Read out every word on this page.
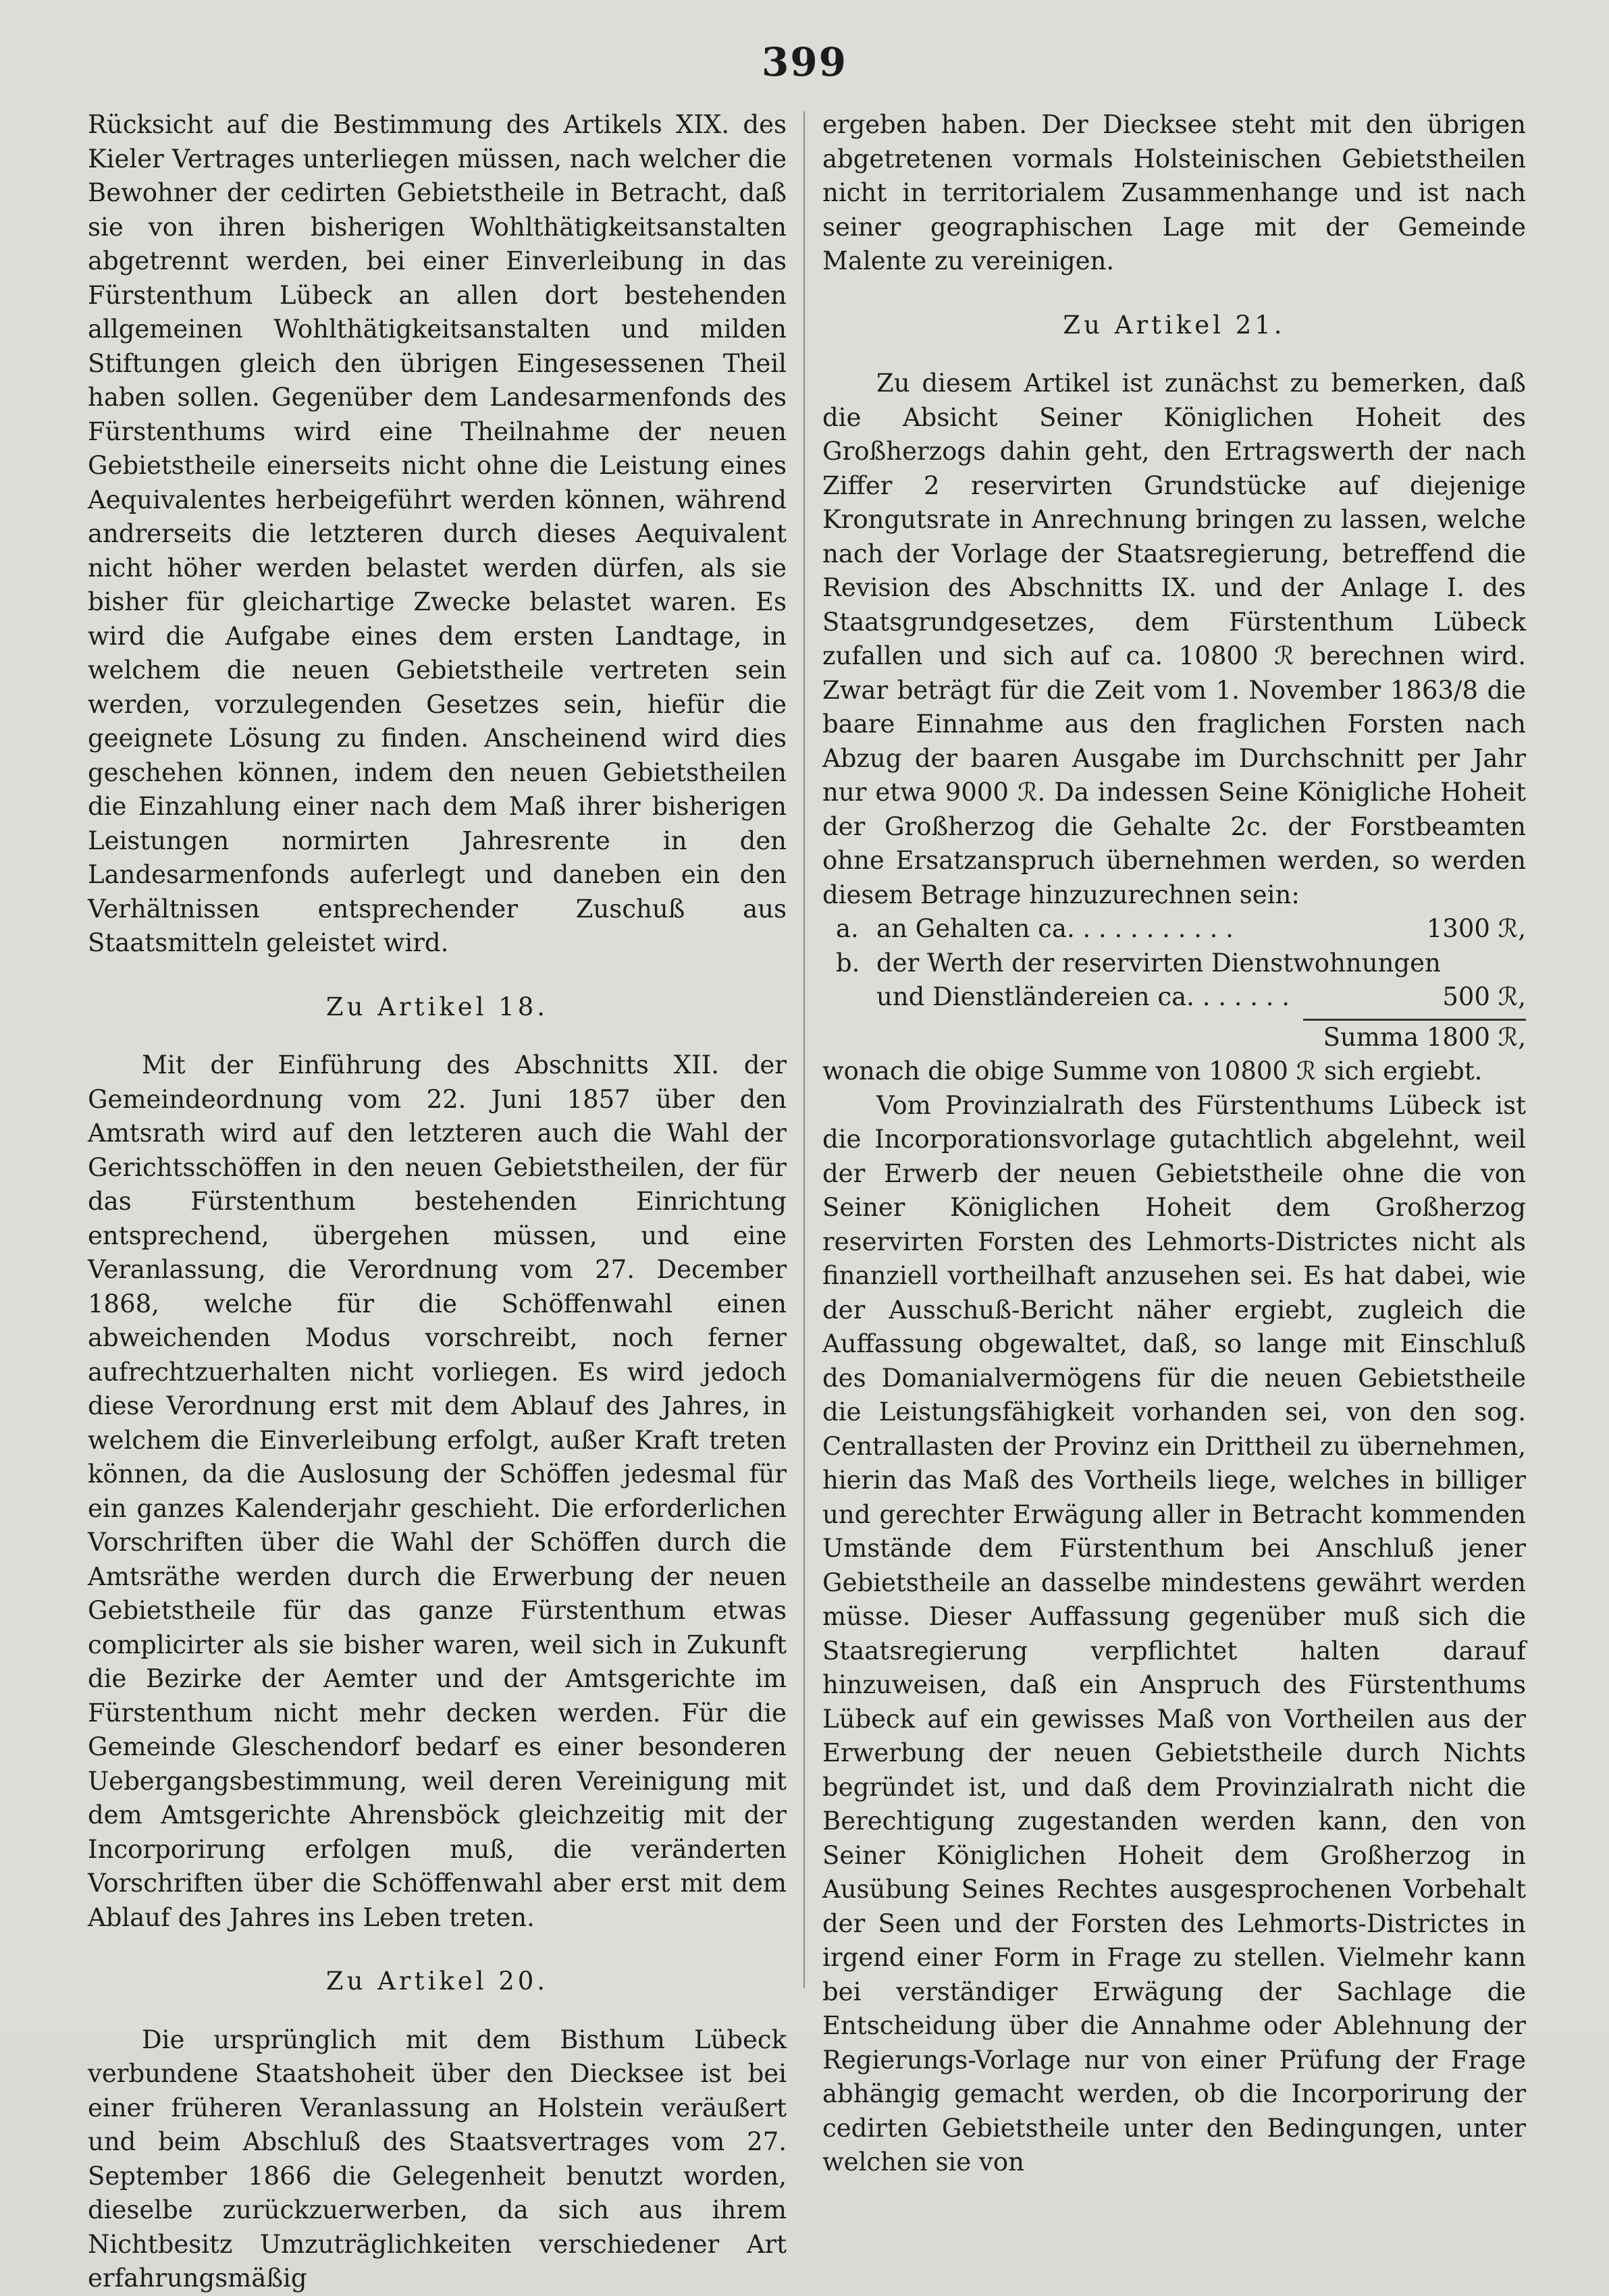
399

Rücksicht auf die Bestimmung des Artikels XIX. des Kieler Vertrages unterliegen müssen, nach welcher die Bewohner der cedirten Gebietstheile in Betracht, daß sie von ihren bisherigen Wohlthätigkeitsanstalten abgetrennt werden, bei einer Einverleibung in das Fürstenthum Lübeck an allen dort bestehenden allgemeinen Wohlthätigkeitsanstalten und milden Stiftungen gleich den übrigen Eingesessenen Theil haben sollen. Gegenüber dem Landesarmenfonds des Fürstenthums wird eine Theilnahme der neuen Gebietstheile einerseits nicht ohne die Leistung eines Aequivalentes herbeigeführt werden können, während andrerseits die letzteren durch dieses Aequivalent nicht höher werden belastet werden dürfen, als sie bisher für gleichartige Zwecke belastet waren. Es wird die Aufgabe eines dem ersten Landtage, in welchem die neuen Gebietstheile vertreten sein werden, vorzulegenden Gesetzes sein, hiefür die geeignete Lösung zu finden. Anscheinend wird dies geschehen können, indem den neuen Gebietstheilen die Einzahlung einer nach dem Maß ihrer bisherigen Leistungen normirten Jahresrente in den Landesarmenfonds auferlegt und daneben ein den Verhältnissen entsprechender Zuschuß aus Staatsmitteln geleistet wird.

Zu Artikel 18.

Mit der Einführung des Abschnitts XII. der Gemeindeordnung vom 22. Juni 1857 über den Amtsrath wird auf den letzteren auch die Wahl der Gerichtsschöffen in den neuen Gebietstheilen, der für das Fürstenthum bestehenden Einrichtung entsprechend, übergehen müssen, und eine Veranlassung, die Verordnung vom 27. December 1868, welche für die Schöffenwahl einen abweichenden Modus vorschreibt, noch ferner aufrechtzuerhalten nicht vorliegen. Es wird jedoch diese Verordnung erst mit dem Ablauf des Jahres, in welchem die Einverleibung erfolgt, außer Kraft treten können, da die Auslosung der Schöffen jedesmal für ein ganzes Kalenderjahr geschieht. Die erforderlichen Vorschriften über die Wahl der Schöffen durch die Amtsräthe werden durch die Erwerbung der neuen Gebietstheile für das ganze Fürstenthum etwas complicirter als sie bisher waren, weil sich in Zukunft die Bezirke der Aemter und der Amtsgerichte im Fürstenthum nicht mehr decken werden. Für die Gemeinde Gleschendorf bedarf es einer besonderen Uebergangsbestimmung, weil deren Vereinigung mit dem Amtsgerichte Ahrensböck gleichzeitig mit der Incorporirung erfolgen muß, die veränderten Vorschriften über die Schöffenwahl aber erst mit dem Ablauf des Jahres ins Leben treten.

Zu Artikel 20.

Die ursprünglich mit dem Bisthum Lübeck verbundene Staatshoheit über den Diecksee ist bei einer früheren Veranlassung an Holstein veräußert und beim Abschluß des Staatsvertrages vom 27. September 1866 die Gelegenheit benutzt worden, dieselbe zurückzuerwerben, da sich aus ihrem Nichtbesitz Umzuträglichkeiten verschiedener Art erfahrungsmäßig

ergeben haben. Der Diecksee steht mit den übrigen abgetretenen vormals Holsteinischen Gebietstheilen nicht in territorialem Zusammenhange und ist nach seiner geographischen Lage mit der Gemeinde Malente zu vereinigen.

Zu Artikel 21.

Zu diesem Artikel ist zunächst zu bemerken, daß die Absicht Seiner Königlichen Hoheit des Großherzogs dahin geht, den Ertragswerth der nach Ziffer 2 reservirten Grundstücke auf diejenige Krongutsrate in Anrechnung bringen zu lassen, welche nach der Vorlage der Staatsregierung, betreffend die Revision des Abschnitts IX. und der Anlage I. des Staatsgrundgesetzes, dem Fürstenthum Lübeck zufallen und sich auf ca. 10800 ℛ berechnen wird. Zwar beträgt für die Zeit vom 1. November 1863/8 die baare Einnahme aus den fraglichen Forsten nach Abzug der baaren Ausgabe im Durchschnitt per Jahr nur etwa 9000 ℛ. Da indessen Seine Königliche Hoheit der Großherzog die Gehalte 2c. der Forstbeamten ohne Ersatzanspruch übernehmen werden, so werden diesem Betrage hinzuzurechnen sein:

a. an Gehalten ca. . . . . . . . . . .	1300 ℛ,
b. der Werth der reservirten Dienstwohnungen
und Dienstländereien ca. . . . . . .	500 ℛ,
Summa 1800 ℛ,

wonach die obige Summe von 10800 ℛ sich ergiebt.

Vom Provinzialrath des Fürstenthums Lübeck ist die Incorporationsvorlage gutachtlich abgelehnt, weil der Erwerb der neuen Gebietstheile ohne die von Seiner Königlichen Hoheit dem Großherzog reservirten Forsten des Lehmorts-Districtes nicht als finanziell vortheilhaft anzusehen sei. Es hat dabei, wie der Ausschuß-Bericht näher ergiebt, zugleich die Auffassung obgewaltet, daß, so lange mit Einschluß des Domanialvermögens für die neuen Gebietstheile die Leistungsfähigkeit vorhanden sei, von den sog. Centrallasten der Provinz ein Drittheil zu übernehmen, hierin das Maß des Vortheils liege, welches in billiger und gerechter Erwägung aller in Betracht kommenden Umstände dem Fürstenthum bei Anschluß jener Gebietstheile an dasselbe mindestens gewährt werden müsse. Dieser Auffassung gegenüber muß sich die Staatsregierung verpflichtet halten darauf hinzuweisen, daß ein Anspruch des Fürstenthums Lübeck auf ein gewisses Maß von Vortheilen aus der Erwerbung der neuen Gebietstheile durch Nichts begründet ist, und daß dem Provinzialrath nicht die Berechtigung zugestanden werden kann, den von Seiner Königlichen Hoheit dem Großherzog in Ausübung Seines Rechtes ausgesprochenen Vorbehalt der Seen und der Forsten des Lehmorts-Districtes in irgend einer Form in Frage zu stellen. Vielmehr kann bei verständiger Erwägung der Sachlage die Entscheidung über die Annahme oder Ablehnung der Regierungs-Vorlage nur von einer Prüfung der Frage abhängig gemacht werden, ob die Incorporirung der cedirten Gebietstheile unter den Bedingungen, unter welchen sie von
